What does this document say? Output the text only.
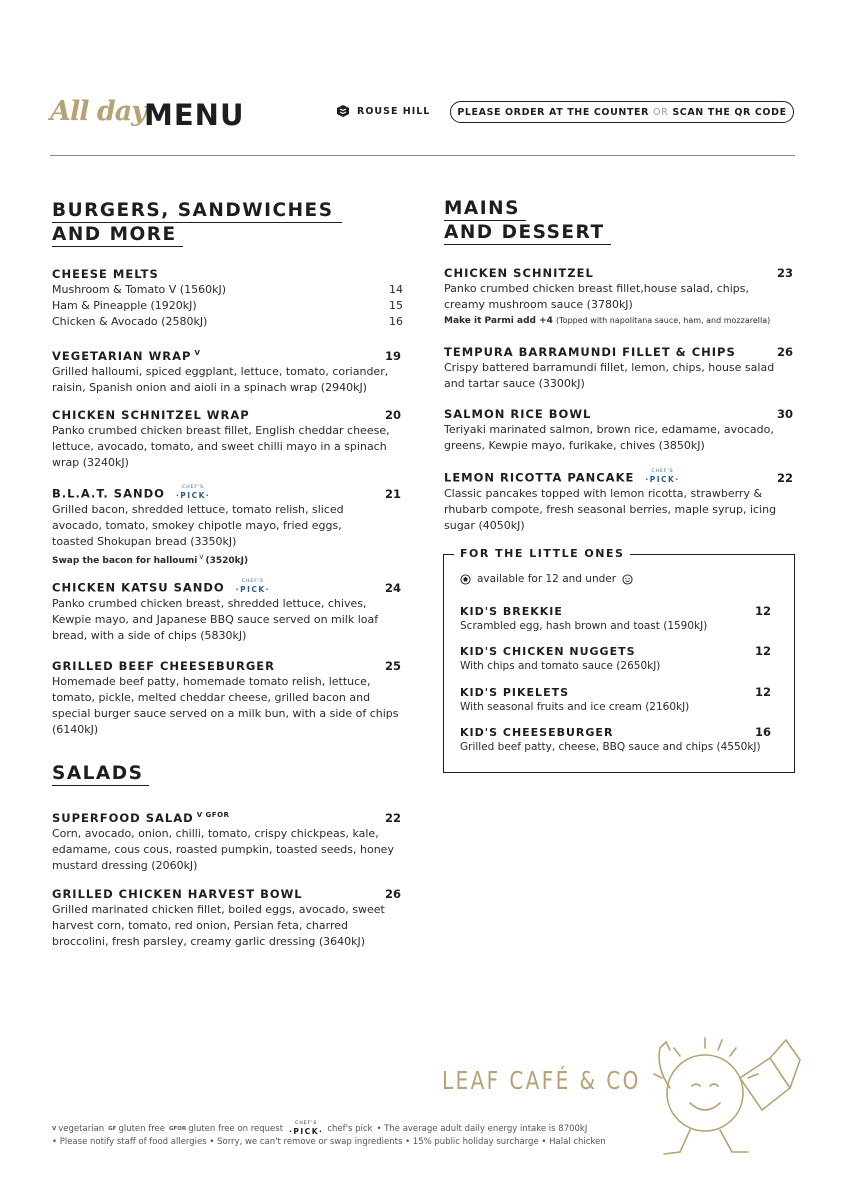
All day
MENU	ROUSE HILL	PLEASE ORDER AT THE COUNTER OR SCAN THE QR CODE
BURGERS, SANDWICHES
AND MORE
CHEESE MELTS
Mushroom & Tomato V (1560kJ)	14
Ham & Pineapple (1920kJ)	15
Chicken & Avocado (2580kJ)	16
VEGETARIAN WRAP $^V$	19
Grilled halloumi, spiced eggplant, lettuce, tomato, coriander, raisin, Spanish onion and aioli in a spinach wrap (2940kJ)
CHICKEN SCHNITZEL WRAP	20
Panko crumbed chicken breast fillet, English cheddar cheese, lettuce, avocado, tomato, and sweet chilli mayo in a spinach wrap (3240kJ)
B.L.A.T. SANDO	CHEF'S
·PICK·	21
Grilled bacon, shredded lettuce, tomato relish, sliced avocado, tomato, smokey chipotle mayo, fried eggs, toasted Shokupan bread (3350kJ)
Swap the bacon for halloumi $^V$ (3520kJ)
CHICKEN KATSU SANDO	CHEF'S
·PICK·	24
Panko crumbed chicken breast, shredded lettuce, chives, Kewpie mayo, and Japanese BBQ sauce served on milk loaf bread, with a side of chips (5830kJ)
GRILLED BEEF CHEESEBURGER	25
Homemade beef patty, homemade tomato relish, lettuce, tomato, pickle, melted cheddar cheese, grilled bacon and special burger sauce served on a milk bun, with a side of chips (6140kJ)
SALADS
SUPERFOOD SALAD $^{V GFOR}$	22
Corn, avocado, onion, chilli, tomato, crispy chickpeas, kale, edamame, cous cous, roasted pumpkin, toasted seeds, honey mustard dressing (2060kJ)
GRILLED CHICKEN HARVEST BOWL	26
Grilled marinated chicken fillet, boiled eggs, avocado, sweet harvest corn, tomato, red onion, Persian feta, charred broccolini, fresh parsley, creamy garlic dressing (3640kJ)
MAINS
AND DESSERT
CHICKEN SCHNITZEL	23
Panko crumbed chicken breast fillet,house salad, chips, creamy mushroom sauce (3780kJ)
Make it Parmi add +4 (Topped with napolitana sauce, ham, and mozzarella)
TEMPURA BARRAMUNDI FILLET & CHIPS	26
Crispy battered barramundi fillet, lemon, chips, house salad and tartar sauce (3300kJ)
SALMON RICE BOWL	30
Teriyaki marinated salmon, brown rice, edamame, avocado, greens, Kewpie mayo, furikake, chives (3850kJ)
LEMON RICOTTA PANCAKE	CHEF'S
·PICK·	22
Classic pancakes topped with lemon ricotta, strawberry & rhubarb compote, fresh seasonal berries, maple syrup, icing sugar (4050kJ)
FOR THE LITTLE ONES
available for 12 and under
KID'S BREKKIE	12
Scrambled egg, hash brown and toast (1590kJ)
KID'S CHICKEN NUGGETS	12
With chips and tomato sauce (2650kJ)
KID'S PIKELETS	12
With seasonal fruits and ice cream (2160kJ)
KID'S CHEESEBURGER	16
Grilled beef patty, cheese, BBQ sauce and chips (4550kJ)
LEAF CAFÉ & CO
V vegetarian GF gluten free GFOR gluten free on request
CHEF'S
·PICK· chef's pick • The average adult daily energy intake is 8700kJ
• Please notify staff of food allergies • Sorry, we can't remove or swap ingredients • 15% public holiday surcharge • Halal chicken
